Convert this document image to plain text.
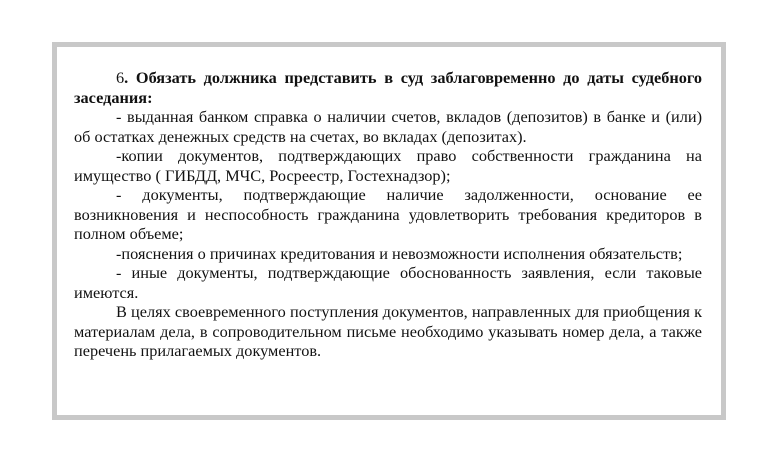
6. Обязать должника представить в суд заблаговременно до даты судебного заседания:

- выданная банком справка о наличии счетов, вкладов (депозитов) в банке и (или) об остатках денежных средств на счетах, во вкладах (депозитах).

-копии документов, подтверждающих право собственности гражданина на имущество ( ГИБДД, МЧС, Росреестр, Гостехнадзор);

- документы, подтверждающие наличие задолженности, основание ее возникновения и неспособность гражданина удовлетворить требования кредиторов в полном объеме;

-пояснения о причинах кредитования и невозможности исполнения обязательств;

- иные документы, подтверждающие обоснованность заявления, если таковые имеются.

В целях своевременного поступления документов, направленных для приобщения к материалам дела, в сопроводительном письме необходимо указывать номер дела, а также перечень прилагаемых документов.
